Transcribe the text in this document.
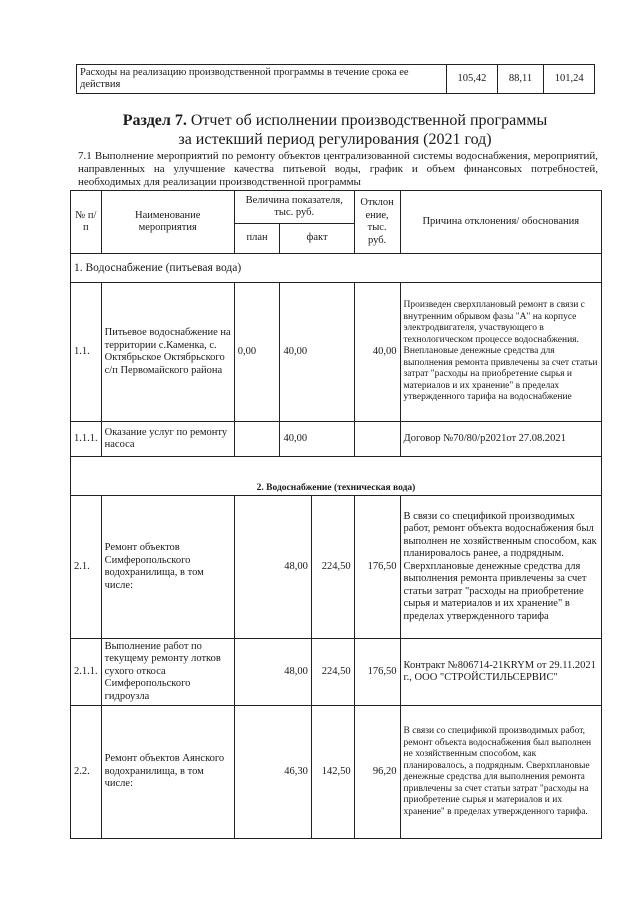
Расходы на реализацию производственной программы в течение срока ее действия	105,42	88,11	101,24
Раздел 7. Отчет об исполнении производственной программы
за истекший период регулирования (2021 год)
7.1 Выполнение мероприятий по ремонту объектов централизованной системы водоснабжения, мероприятий, направленных на улучшение качества питьевой воды, график и объем финансовых потребностей, необходимых для реализации производственной программы
№ п/п	Наименование мероприятия	Величина показателя, тыс. руб.			Отклон ение, тыс. руб.	Причина отклонения/ обоснования
		план	факт			
1. Водоснабжение (питьевая вода)						
1.1.	Питьевое водоснабжение на территории с.Каменка, с. Октябрьское Октябрьского с/п Первомайского района	0,00	40,00		40,00	Произведен сверхплановый ремонт в связи с внутренним обрывом фазы "А" на корпусе электродвигателя, участвующего в технологическом процессе водоснабжения. Внеплановые денежные средства для выполнения ремонта привлечены за счет статьи затрат "расходы на приобретение сырья и материалов и их хранение" в пределах утвержденного тарифа на водоснабжение
1.1.1.	Оказание услуг по ремонту насоса		40,00			Договор №70/80/р2021от 27.08.2021
2. Водоснабжение (техническая вода)						
2.1.	Ремонт объектов Симферопольского водохранилища, в том числе:	48,00		224,50	176,50	В связи со спецификой производимых работ, ремонт объекта водоснабжения был выполнен не хозяйственным способом, как планировалось ранее, а подрядным. Сверхплановые денежные средства для выполнения ремонта привлечены за счет статьи затрат "расходы на приобретение сырья и материалов и их хранение" в пределах утвержденного тарифа
2.1.1.	Выполнение работ по текущему ремонту лотков сухого откоса Симферопольского гидроузла	48,00		224,50	176,50	Контракт №806714-21KRYM от 29.11.2021 г., ООО "СТРОЙСТИЛЬСЕРВИС"
2.2.	Ремонт объектов Аянского водохранилища, в том числе:	46,30		142,50	96,20	В связи со спецификой производимых работ, ремонт объекта водоснабжения был выполнен не хозяйственным способом, как планировалось, а подрядным. Сверхплановые денежные средства для выполнения ремонта привлечены за счет статьи затрат "расходы на приобретение сырья и материалов и их хранение" в пределах утвержденного тарифа.
